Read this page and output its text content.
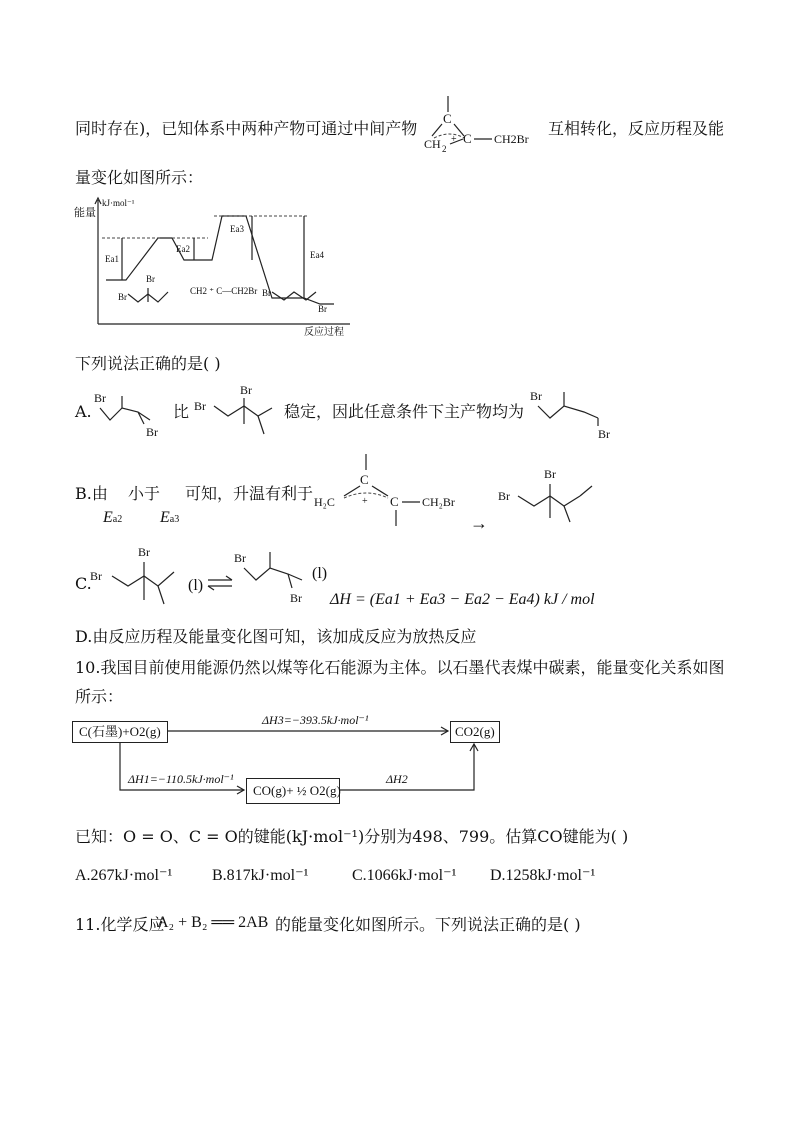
同时存在)，已知体系中两种产物可通过中间产物
C
CH 2
+ C CH2Br
互相转化，反应历程及能
量变化如图所示：
能量
kJ·mol⁻¹
反应过程
Ea1
Ea2
Ea3
Ea4
Br
Br
CH2 ⁺ C—CH2Br Br
Br
下列说法正确的是( )
A.
Br
Br
比 Br
Br
稳定，因此任意条件下主产物均为
Br
Br
B.由 小于 可知，升温有利于
Ea2 Ea3
C
H₂C	+ C CH₂Br	Br
Br
→
C.
Br
Br
(l) ⇌
Br
Br
(l)
ΔH = (Ea1 + Ea3 − Ea2 − Ea4) kJ / mol
D.由反应历程及能量变化图可知，该加成反应为放热反应
10.我国目前使用能源仍然以煤等化石能源为主体。以石墨代表煤中碳素，能量变化关系如图
所示：
C(石墨)+O2(g)	CO2(g)
CO(g)+ ½ O2(g)
ΔH3=−393.5kJ·mol⁻¹
ΔH1=−110.5kJ·mol⁻¹	ΔH2
已知：O = O、C = O的键能(kJ·mol⁻¹)分别为498、799。估算CO键能为( )
A.267kJ·mol⁻¹ B.817kJ·mol⁻¹	C.1066kJ·mol⁻¹ D.1258kJ·mol⁻¹
11.化学反应
A₂ + B₂ ══ 2AB 的能量变化如图所示。下列说法正确的是( )
